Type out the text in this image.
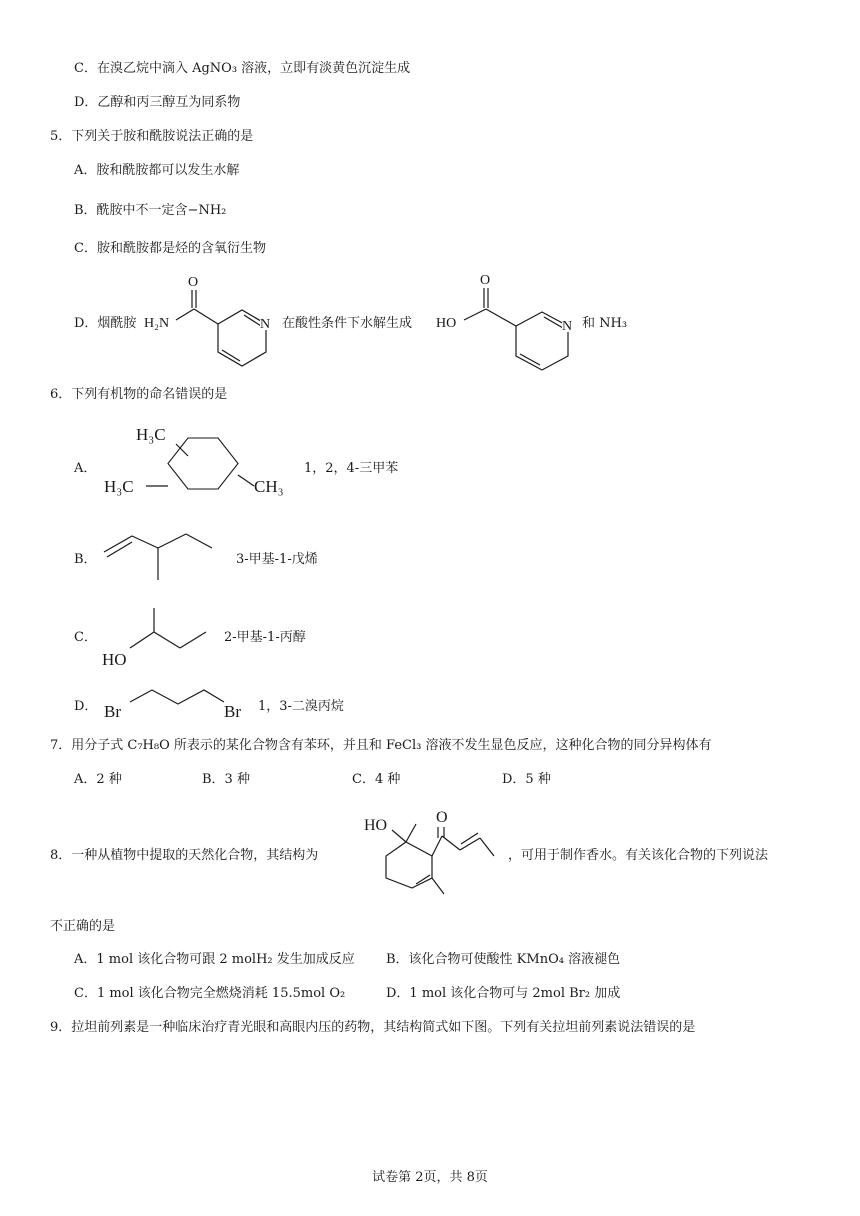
C．在溴乙烷中滴入 AgNO₃ 溶液，立即有淡黄色沉淀生成
D．乙醇和丙三醇互为同系物
5．下列关于胺和酰胺说法正确的是
A．胺和酰胺都可以发生水解
B．酰胺中不一定含−NH₂
C．胺和酰胺都是烃的含氧衍生物
D．烟酰胺
O
H₂N	N 在酸性条件下水解生成
O
HO	N 和 NH₃
6．下列有机物的命名错误的是
A．
H₃C
H₃C	CH₃
1，2，4-三甲苯
B．	3-甲基-1-戊烯
C．
HO
2-甲基-1-丙醇
D． Br	Br 1，3-二溴丙烷
7．用分子式 C₇H₈O 所表示的某化合物含有苯环，并且和 FeCl₃ 溶液不发生显色反应，这种化合物的同分异构体有
A．2 种	B．3 种	C．4 种	D．5 种
8．一种从植物中提取的天然化合物，其结构为
HO	O
，可用于制作香水。有关该化合物的下列说法
不正确的是
A．1 mol 该化合物可跟 2 molH₂ 发生加成反应 B．该化合物可使酸性 KMnO₄ 溶液褪色
C．1 mol 该化合物完全燃烧消耗 15.5mol O₂	D．1 mol 该化合物可与 2mol Br₂ 加成
9．拉坦前列素是一种临床治疗青光眼和高眼内压的药物，其结构简式如下图。下列有关拉坦前列素说法错误的是
试卷第 2页，共 8页
